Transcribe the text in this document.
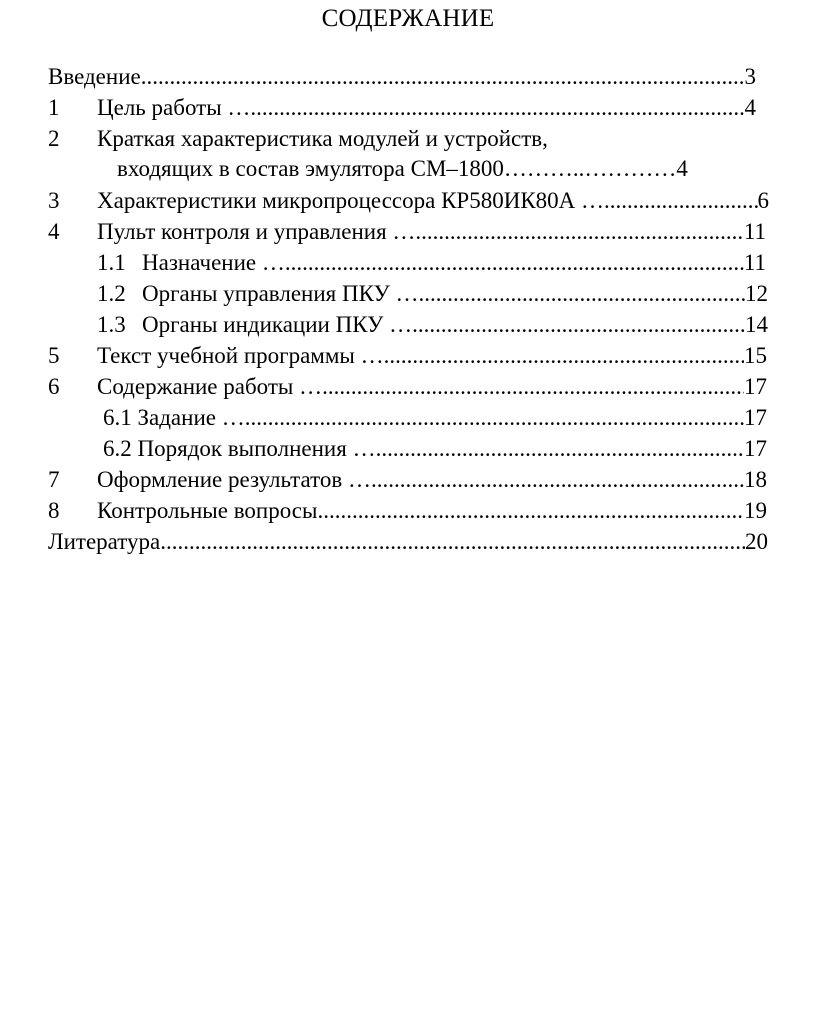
СОДЕРЖАНИЕ
Введение .....	3
1 Цель работы … .....	4
2 Краткая характеристика модулей и устройств,
входящих в состав эмулятора СМ–1800………..………… 4
3 Характеристики микропроцессора КР580ИК80А … .....	6
4 Пульт контроля и управления … .....	11
1.1 Назначение … .....	11
1.2 Органы управления ПКУ … .....	12
1.3 Органы индикации ПКУ … .....	14
5 Текст учебной программы … .....	15
6 Содержание работы … .....	17
6.1 Задание … .....	17
6.2 Порядок выполнения … .....	17
7 Оформление результатов … .....	18
8 Контрольные вопросы .....	19
Литература .....	20
